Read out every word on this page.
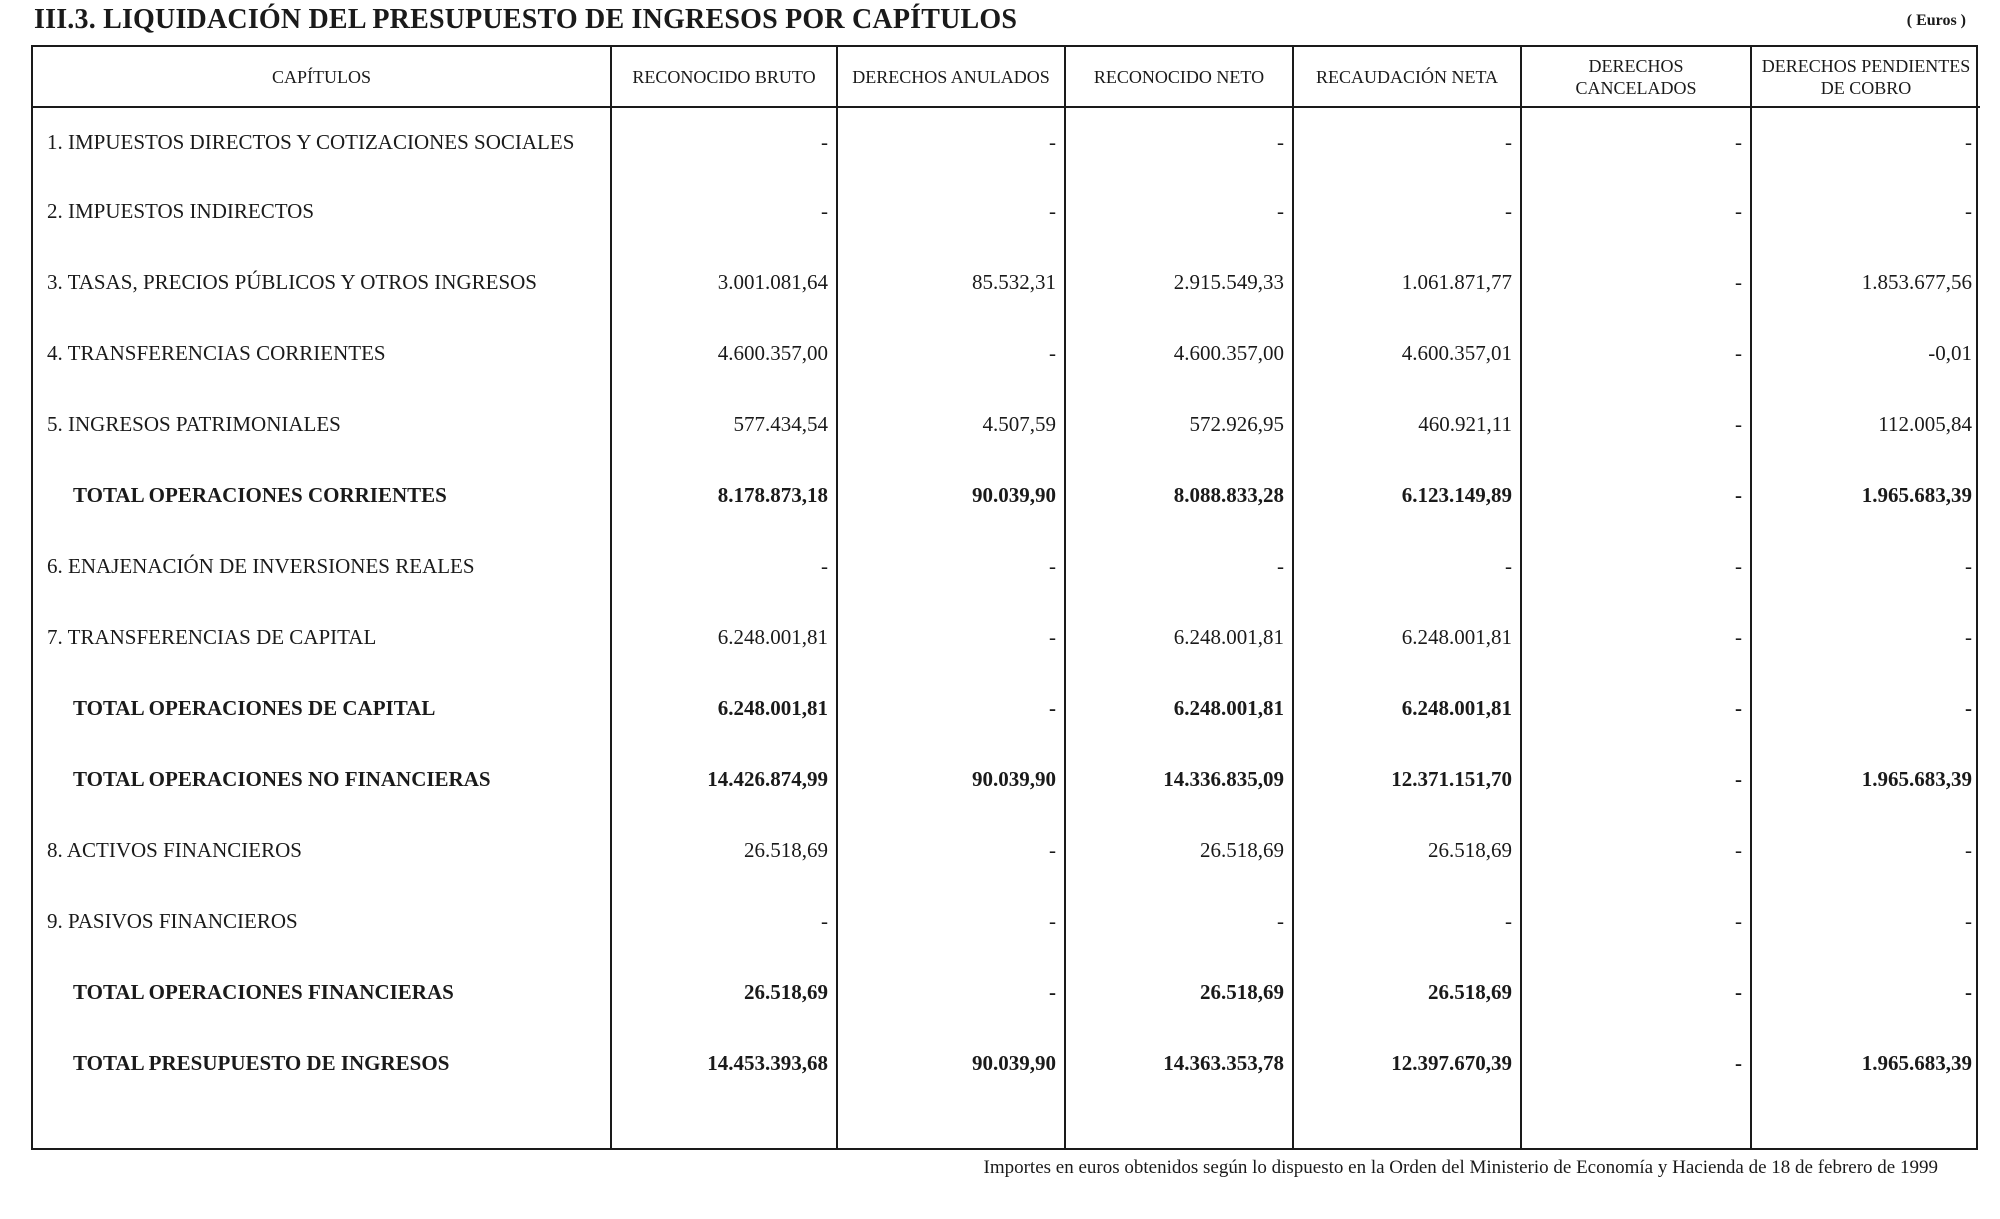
III.3. LIQUIDACIÓN DEL PRESUPUESTO DE INGRESOS POR CAPÍTULOS	( Euros )
CAPÍTULOS	RECONOCIDO BRUTO	DERECHOS ANULADOS	RECONOCIDO NETO	RECAUDACIÓN NETA	DERECHOS CANCELADOS	DERECHOS PENDIENTES DE COBRO
1. IMPUESTOS DIRECTOS Y COTIZACIONES SOCIALES	-	-	-	-	-	-
2. IMPUESTOS INDIRECTOS	-	-	-	-	-	-
3. TASAS, PRECIOS PÚBLICOS Y OTROS INGRESOS	3.001.081,64	85.532,31	2.915.549,33	1.061.871,77	-	1.853.677,56
4. TRANSFERENCIAS CORRIENTES	4.600.357,00	-	4.600.357,00	4.600.357,01	-	-0,01
5. INGRESOS PATRIMONIALES	577.434,54	4.507,59	572.926,95	460.921,11	-	112.005,84
TOTAL OPERACIONES CORRIENTES	8.178.873,18	90.039,90	8.088.833,28	6.123.149,89	-	1.965.683,39
6. ENAJENACIÓN DE INVERSIONES REALES	-	-	-	-	-	-
7. TRANSFERENCIAS DE CAPITAL	6.248.001,81	-	6.248.001,81	6.248.001,81	-	-
TOTAL OPERACIONES DE CAPITAL	6.248.001,81	-	6.248.001,81	6.248.001,81	-	-
TOTAL OPERACIONES NO FINANCIERAS	14.426.874,99	90.039,90	14.336.835,09	12.371.151,70	-	1.965.683,39
8. ACTIVOS FINANCIEROS	26.518,69	-	26.518,69	26.518,69	-	-
9. PASIVOS FINANCIEROS	-	-	-	-	-	-
TOTAL OPERACIONES FINANCIERAS	26.518,69	-	26.518,69	26.518,69	-	-
TOTAL PRESUPUESTO DE INGRESOS	14.453.393,68	90.039,90	14.363.353,78	12.397.670,39	-	1.965.683,39

Importes en euros obtenidos según lo dispuesto en la Orden del Ministerio de Economía y Hacienda de 18 de febrero de 1999
